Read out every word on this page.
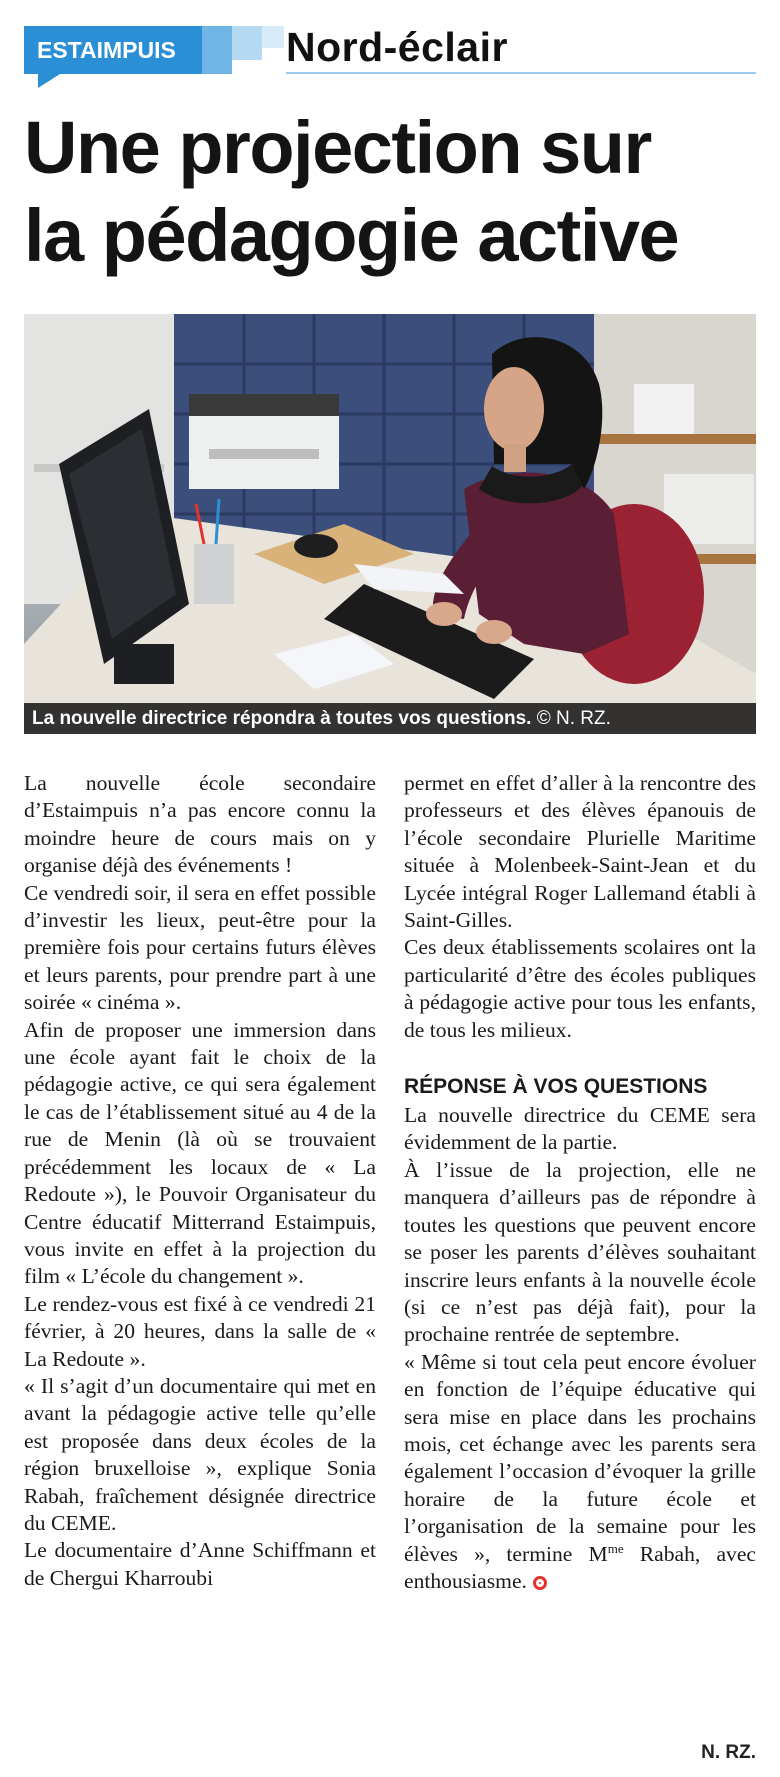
ESTAIMPUIS	Nord-éclair
Une projection sur
la pédagogie active
La nouvelle directrice répondra à toutes vos questions. © N. RZ.

La nouvelle école secondaire d’Estaimpuis n’a pas encore connu la moindre heure de cours mais on y organise déjà des événements !

Ce vendredi soir, il sera en effet possible d’investir les lieux, peut-être pour la première fois pour certains futurs élèves et leurs parents, pour prendre part à une soirée « cinéma ».

Afin de proposer une immersion dans une école ayant fait le choix de la pédagogie active, ce qui sera également le cas de l’établissement situé au 4 de la rue de Menin (là où se trouvaient précédemment les locaux de « La Redoute »), le Pouvoir Organisateur du Centre éducatif Mitterrand Estaimpuis, vous invite en effet à la projection du film « L’école du changement ».

Le rendez-vous est fixé à ce vendredi 21 février, à 20 heures, dans la salle de « La Redoute ».

« Il s’agit d’un documentaire qui met en avant la pédagogie active telle qu’elle est proposée dans deux écoles de la région bruxelloise », explique Sonia Rabah, fraîchement désignée directrice du CEME.

Le documentaire d’Anne Schiffmann et de Chergui Kharroubi

permet en effet d’aller à la rencontre des professeurs et des élèves épanouis de l’école secondaire Plurielle Maritime située à Molenbeek-Saint-Jean et du Lycée intégral Roger Lallemand établi à Saint-Gilles.

Ces deux établissements scolaires ont la particularité d’être des écoles publiques à pédagogie active pour tous les enfants, de tous les milieux.

RÉPONSE À VOS QUESTIONS

La nouvelle directrice du CEME sera évidemment de la partie.

À l’issue de la projection, elle ne manquera d’ailleurs pas de répondre à toutes les questions que peuvent encore se poser les parents d’élèves souhaitant inscrire leurs enfants à la nouvelle école (si ce n’est pas déjà fait), pour la prochaine rentrée de septembre.

« Même si tout cela peut encore évoluer en fonction de l’équipe éducative qui sera mise en place dans les prochains mois, cet échange avec les parents sera également l’occasion d’évoquer la grille horaire de la future école et l’organisation de la semaine pour les élèves », termine $M^{me}$ Rabah, avec enthousiasme.

N. RZ.
